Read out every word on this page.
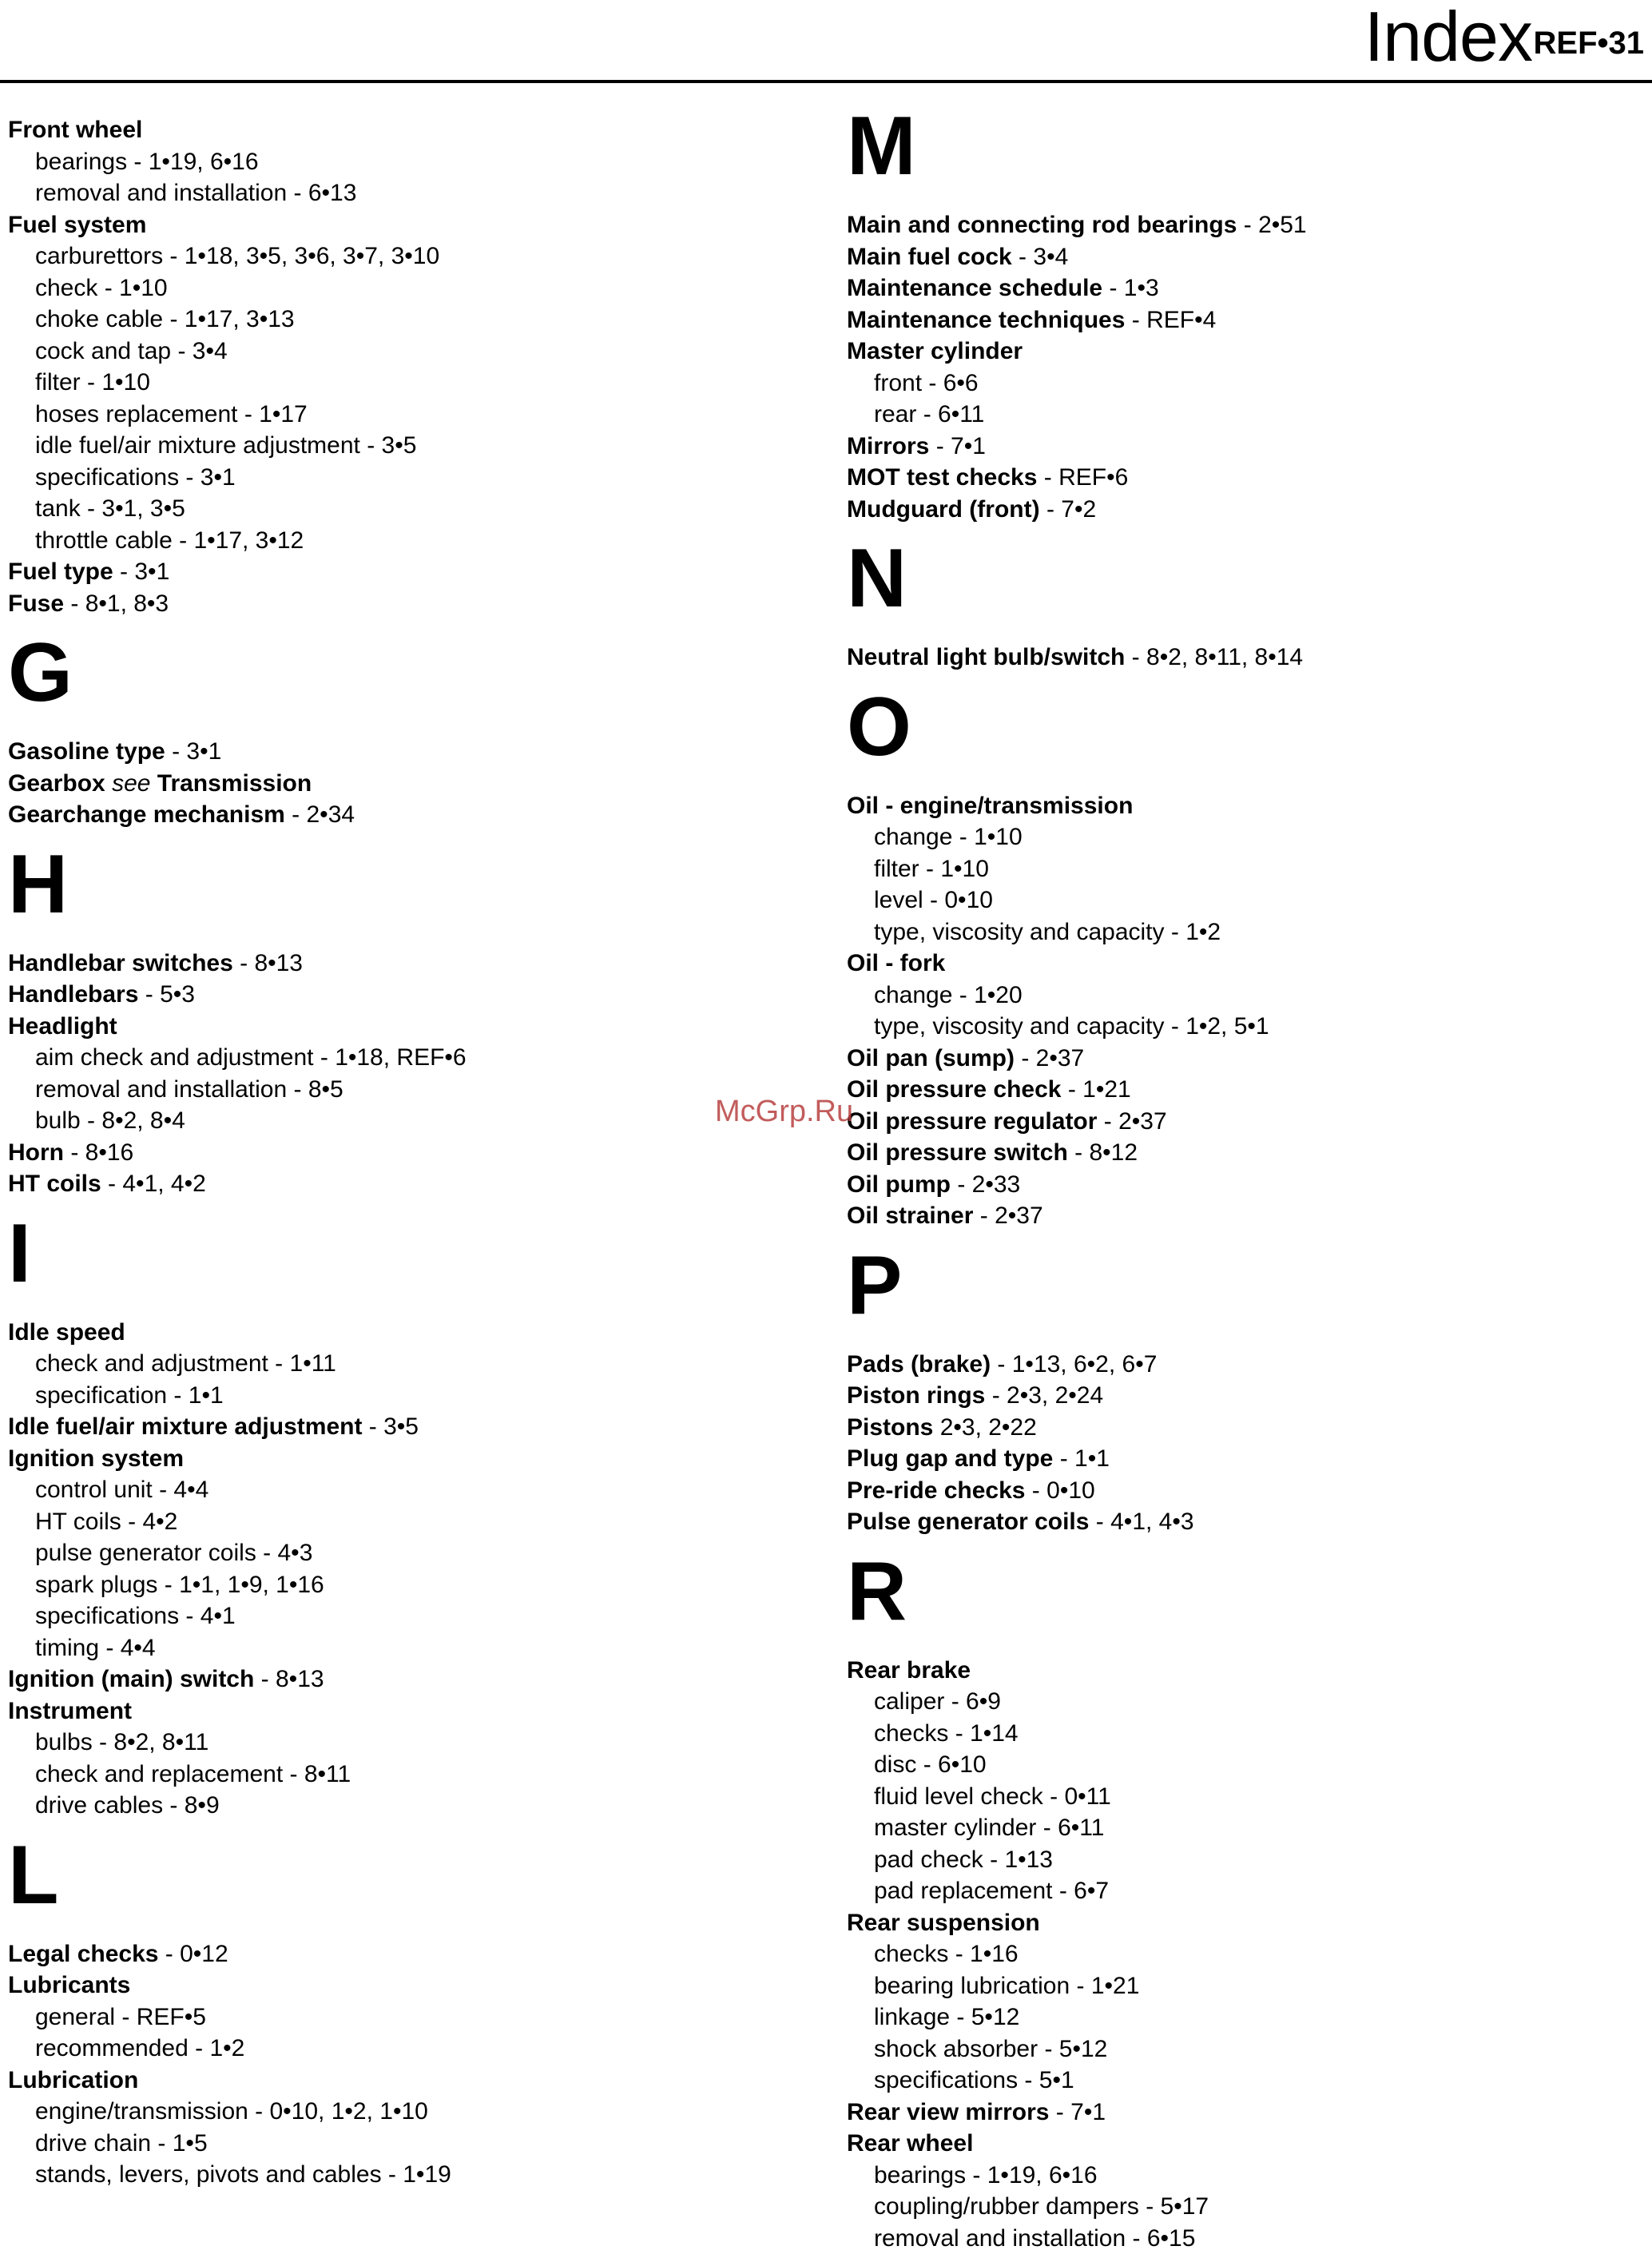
Index REF•31
Front wheel
bearings - 1•19, 6•16
removal and installation - 6•13
Fuel system
carburettors - 1•18, 3•5, 3•6, 3•7, 3•10
check - 1•10
choke cable - 1•17, 3•13
cock and tap - 3•4
filter - 1•10
hoses replacement - 1•17
idle fuel/air mixture adjustment - 3•5
specifications - 3•1
tank - 3•1, 3•5
throttle cable - 1•17, 3•12
Fuel type - 3•1
Fuse - 8•1, 8•3
G
Gasoline type - 3•1
Gearbox see Transmission
Gearchange mechanism - 2•34
H
Handlebar switches - 8•13
Handlebars - 5•3
Headlight
aim check and adjustment - 1•18, REF•6
removal and installation - 8•5
bulb - 8•2, 8•4
Horn - 8•16
HT coils - 4•1, 4•2
I
Idle speed
check and adjustment - 1•11
specification - 1•1
Idle fuel/air mixture adjustment - 3•5
Ignition system
control unit - 4•4
HT coils - 4•2
pulse generator coils - 4•3
spark plugs - 1•1, 1•9, 1•16
specifications - 4•1
timing - 4•4
Ignition (main) switch - 8•13
Instrument
bulbs - 8•2, 8•11
check and replacement - 8•11
drive cables - 8•9
L
Legal checks - 0•12
Lubricants
general - REF•5
recommended - 1•2
Lubrication
engine/transmission - 0•10, 1•2, 1•10
drive chain - 1•5
stands, levers, pivots and cables - 1•19
M
Main and connecting rod bearings - 2•51
Main fuel cock - 3•4
Maintenance schedule - 1•3
Maintenance techniques - REF•4
Master cylinder
front - 6•6
rear - 6•11
Mirrors - 7•1
MOT test checks - REF•6
Mudguard (front) - 7•2
N
Neutral light bulb/switch - 8•2, 8•11, 8•14
O
Oil - engine/transmission
change - 1•10
filter - 1•10
level - 0•10
type, viscosity and capacity - 1•2
Oil - fork
change - 1•20
type, viscosity and capacity - 1•2, 5•1
Oil pan (sump) - 2•37
Oil pressure check - 1•21
Oil pressure regulator - 2•37
Oil pressure switch - 8•12
Oil pump - 2•33
Oil strainer - 2•37
P
Pads (brake) - 1•13, 6•2, 6•7
Piston rings - 2•3, 2•24
Pistons 2•3, 2•22
Plug gap and type - 1•1
Pre-ride checks - 0•10
Pulse generator coils - 4•1, 4•3
R
Rear brake
caliper - 6•9
checks - 1•14
disc - 6•10
fluid level check - 0•11
master cylinder - 6•11
pad check - 1•13
pad replacement - 6•7
Rear suspension
checks - 1•16
bearing lubrication - 1•21
linkage - 5•12
shock absorber - 5•12
specifications - 5•1
Rear view mirrors - 7•1
Rear wheel
bearings - 1•19, 6•16
coupling/rubber dampers - 5•17
removal and installation - 6•15
McGrp.Ru
